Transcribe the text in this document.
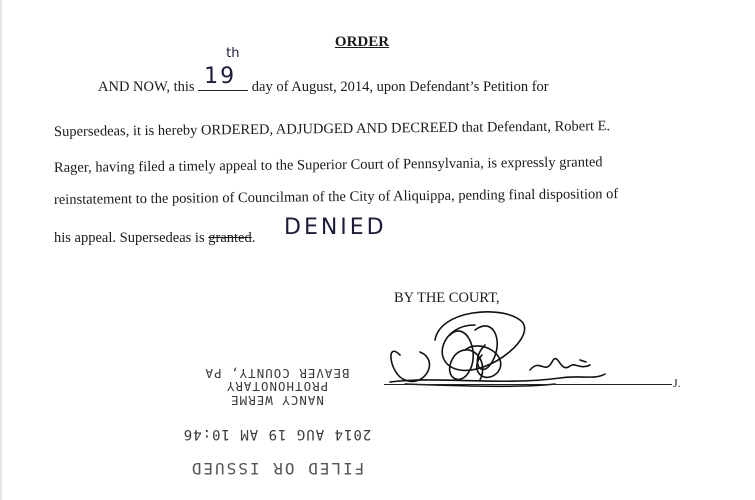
ORDER
AND NOW, this 19
th
day of August, 2014, upon Defendant’s Petition for
Supersedeas, it is hereby ORDERED, ADJUDGED AND DECREED that Defendant, Robert E.
Rager, having filed a timely appeal to the Superior Court of Pennsylvania, is expressly granted
reinstatement to the position of Councilman of the City of Aliquippa, pending final disposition of
his appeal. Supersedeas is granted. DENIED
BY THE COURT,
J.
FILED OR ISSUED
2014 AUG 19 AM 10:46
NANCY WERME
PROTHONOTARY
BEAVER COUNTY, PA
